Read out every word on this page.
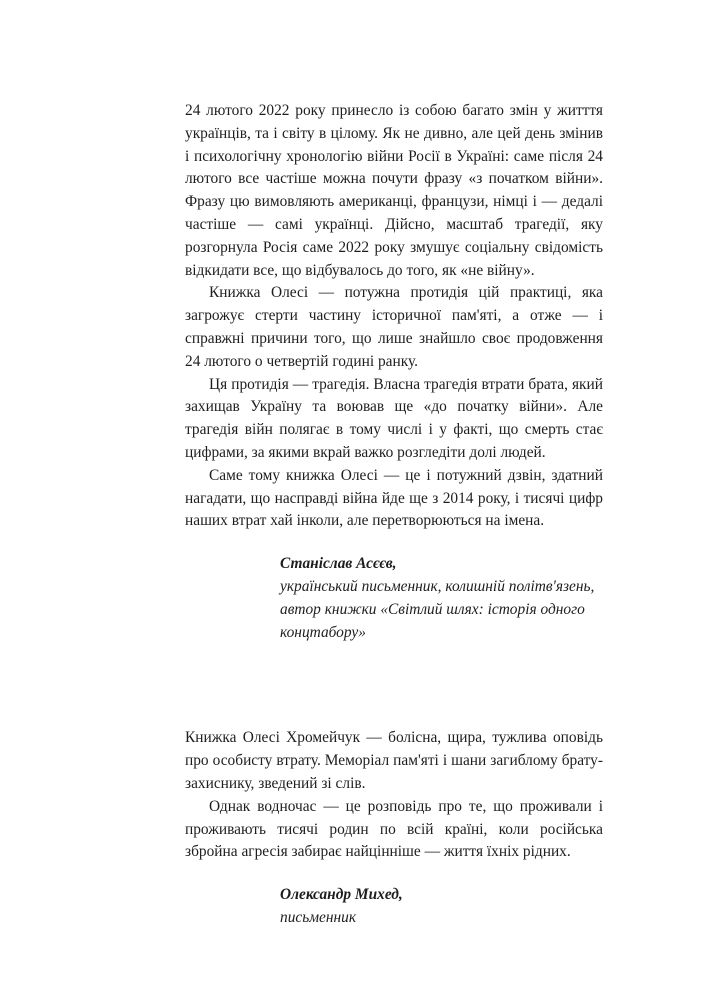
24 лютого 2022 року принесло із собою багато змін у житття українців, та і світу в цілому. Як не дивно, але цей день змінив і психологічну хронологію війни Росії в Україні: саме після 24 лютого все частіше можна почути фразу «з початком війни». Фразу цю вимовляють американці, французи, німці і — дедалі частіше — самі українці. Дійсно, масштаб трагедії, яку розгорнула Росія саме 2022 року змушує соціальну свідомість відкидати все, що відбувалось до того, як «не війну».

Книжка Олесі — потужна протидія цій практиці, яка загрожує стерти частину історичної пам'яті, а отже — і справжні причини того, що лише знайшло своє продовження 24 лютого о четвертій годині ранку.

Ця протидія — трагедія. Власна трагедія втрати брата, який захищав Україну та воював ще «до початку війни». Але трагедія війн полягає в тому числі і у факті, що смерть стає цифрами, за якими вкрай важко розгледіти долі людей.

Саме тому книжка Олесі — це і потужний дзвін, здатний нагадати, що насправді війна йде ще з 2014 року, і тисячі цифр наших втрат хай інколи, але перетворюються на імена.

Станіслав Асєєв,
український письменник, колишній політв'язень, автор книжки «Світлий шлях: історія одного концтабору»

Книжка Олесі Хромейчук — болісна, щира, тужлива оповідь про особисту втрату. Меморіал пам'яті і шани загиблому брату-захиснику, зведений зі слів.

Однак водночас — це розповідь про те, що проживали і проживають тисячі родин по всій країні, коли російська збройна агресія забирає найцінніше — життя їхніх рідних.

Олександр Михед,
письменник
